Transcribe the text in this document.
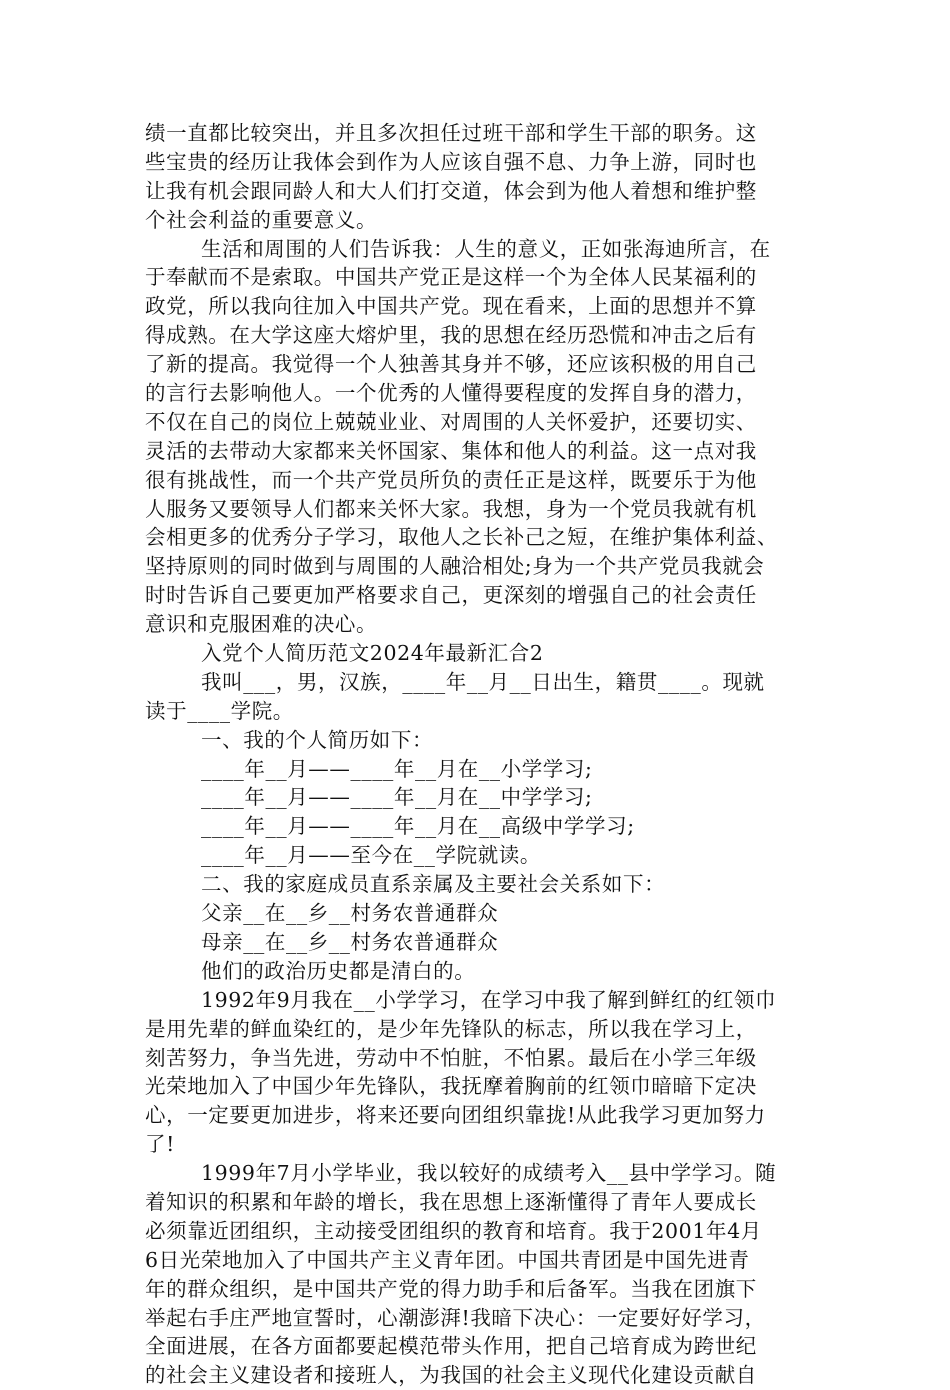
绩一直都比较突出，并且多次担任过班干部和学生干部的职务。这
些宝贵的经历让我体会到作为人应该自强不息、力争上游，同时也
让我有机会跟同龄人和大人们打交道，体会到为他人着想和维护整
个社会利益的重要意义。
生活和周围的人们告诉我：人生的意义，正如张海迪所言，在
于奉献而不是索取。中国共产党正是这样一个为全体人民某福利的
政党，所以我向往加入中国共产党。现在看来，上面的思想并不算
得成熟。在大学这座大熔炉里，我的思想在经历恐慌和冲击之后有
了新的提高。我觉得一个人独善其身并不够，还应该积极的用自己
的言行去影响他人。一个优秀的人懂得要程度的发挥自身的潜力，
不仅在自己的岗位上兢兢业业、对周围的人关怀爱护，还要切实、
灵活的去带动大家都来关怀国家、集体和他人的利益。这一点对我
很有挑战性，而一个共产党员所负的责任正是这样，既要乐于为他
人服务又要领导人们都来关怀大家。我想，身为一个党员我就有机
会相更多的优秀分子学习，取他人之长补己之短，在维护集体利益、
坚持原则的同时做到与周围的人融洽相处;身为一个共产党员我就会
时时告诉自己要更加严格要求自己，更深刻的增强自己的社会责任
意识和克服困难的决心。
入党个人简历范文2024年最新汇合2
我叫___，男，汉族，____年__月__日出生，籍贯____。现就
读于____学院。
一、我的个人简历如下：
____年__月——____年__月在__小学学习;
____年__月——____年__月在__中学学习;
____年__月——____年__月在__高级中学学习;
____年__月——至今在__学院就读。
二、我的家庭成员直系亲属及主要社会关系如下：
父亲__在__乡__村务农普通群众
母亲__在__乡__村务农普通群众
他们的政治历史都是清白的。
1992年9月我在__小学学习，在学习中我了解到鲜红的红领巾
是用先辈的鲜血染红的，是少年先锋队的标志，所以我在学习上，
刻苦努力，争当先进，劳动中不怕脏，不怕累。最后在小学三年级
光荣地加入了中国少年先锋队，我抚摩着胸前的红领巾暗暗下定决
心，一定要更加进步，将来还要向团组织靠拢!从此我学习更加努力
了!
1999年7月小学毕业，我以较好的成绩考入__县中学学习。随
着知识的积累和年龄的增长，我在思想上逐渐懂得了青年人要成长
必须靠近团组织，主动接受团组织的教育和培育。我于2001年4月
6日光荣地加入了中国共产主义青年团。中国共青团是中国先进青
年的群众组织，是中国共产党的得力助手和后备军。当我在团旗下
举起右手庄严地宣誓时，心潮澎湃!我暗下决心：一定要好好学习，
全面进展，在各方面都要起模范带头作用，把自己培育成为跨世纪
的社会主义建设者和接班人，为我国的社会主义现代化建设贡献自
